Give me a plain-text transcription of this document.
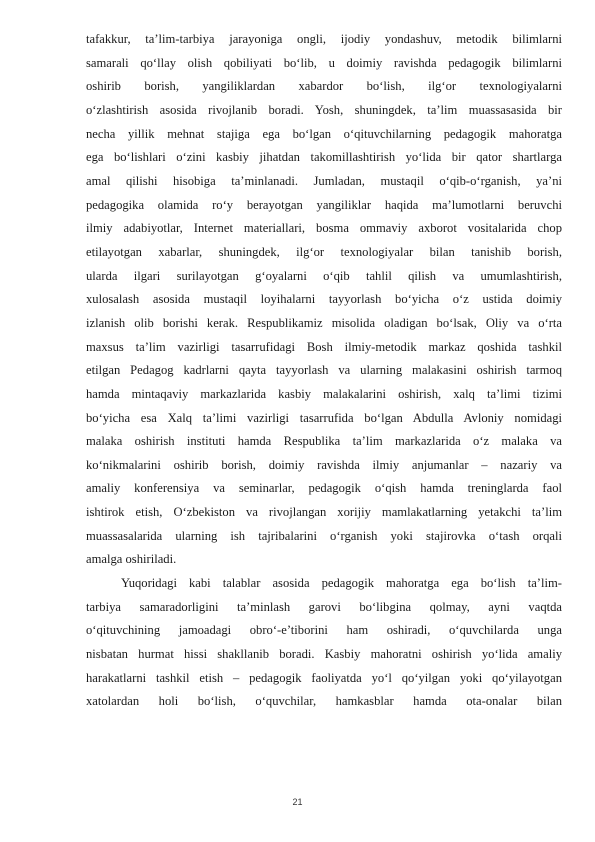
tafakkur, ta’lim-tarbiya jarayoniga ongli, ijodiy yondashuv, metodik bilimlarni
samarali qo‘llay olish qobiliyati bo‘lib, u doimiy ravishda pedagogik bilimlarni
oshirib borish, yangiliklardan xabardor bo‘lish, ilg‘or texnologiyalarni
o‘zlashtirish asosida rivojlanib boradi. Yosh, shuningdek, ta’lim muassasasida bir
necha yillik mehnat stajiga ega bo‘lgan o‘qituvchilarning pedagogik mahoratga
ega bo‘lishlari o‘zini kasbiy jihatdan takomillashtirish yo‘lida bir qator shartlarga
amal qilishi hisobiga ta’minlanadi. Jumladan, mustaqil o‘qib-o‘rganish, ya’ni
pedagogika olamida ro‘y berayotgan yangiliklar haqida ma’lumotlarni beruvchi
ilmiy adabiyotlar, Internet materiallari, bosma ommaviy axborot vositalarida chop
etilayotgan xabarlar, shuningdek, ilg‘or texnologiyalar bilan tanishib borish,
ularda ilgari surilayotgan g‘oyalarni o‘qib tahlil qilish va umumlashtirish,
xulosalash asosida mustaqil loyihalarni tayyorlash bo‘yicha o‘z ustida doimiy
izlanish olib borishi kerak. Respublikamiz misolida oladigan bo‘lsak, Oliy va o‘rta
maxsus ta’lim vazirligi tasarrufidagi Bosh ilmiy-metodik markaz qoshida tashkil
etilgan Pedagog kadrlarni qayta tayyorlash va ularning malakasini oshirish tarmoq
hamda mintaqaviy markazlarida kasbiy malakalarini oshirish, xalq ta’limi tizimi
bo‘yicha esa Xalq ta’limi vazirligi tasarrufida bo‘lgan Abdulla Avloniy nomidagi
malaka oshirish instituti hamda Respublika ta’lim markazlarida o‘z malaka va
ko‘nikmalarini oshirib borish, doimiy ravishda ilmiy anjumanlar – nazariy va
amaliy konferensiya va seminarlar, pedagogik o‘qish hamda treninglarda faol
ishtirok etish, O‘zbekiston va rivojlangan xorijiy mamlakatlarning yetakchi ta’lim
muassasalarida ularning ish tajribalarini o‘rganish yoki stajirovka o‘tash orqali
amalga oshiriladi.
Yuqoridagi kabi talablar asosida pedagogik mahoratga ega bo‘lish ta’lim-
tarbiya samaradorligini ta’minlash garovi bo‘libgina qolmay, ayni vaqtda
o‘qituvchining jamoadagi obro‘-e’tiborini ham oshiradi, o‘quvchilarda unga
nisbatan hurmat hissi shakllanib boradi. Kasbiy mahoratni oshirish yo‘lida amaliy
harakatlarni tashkil etish – pedagogik faoliyatda yo‘l qo‘yilgan yoki qo‘yilayotgan
xatolardan holi bo‘lish, o‘quvchilar, hamkasblar hamda ota-onalar bilan
21
